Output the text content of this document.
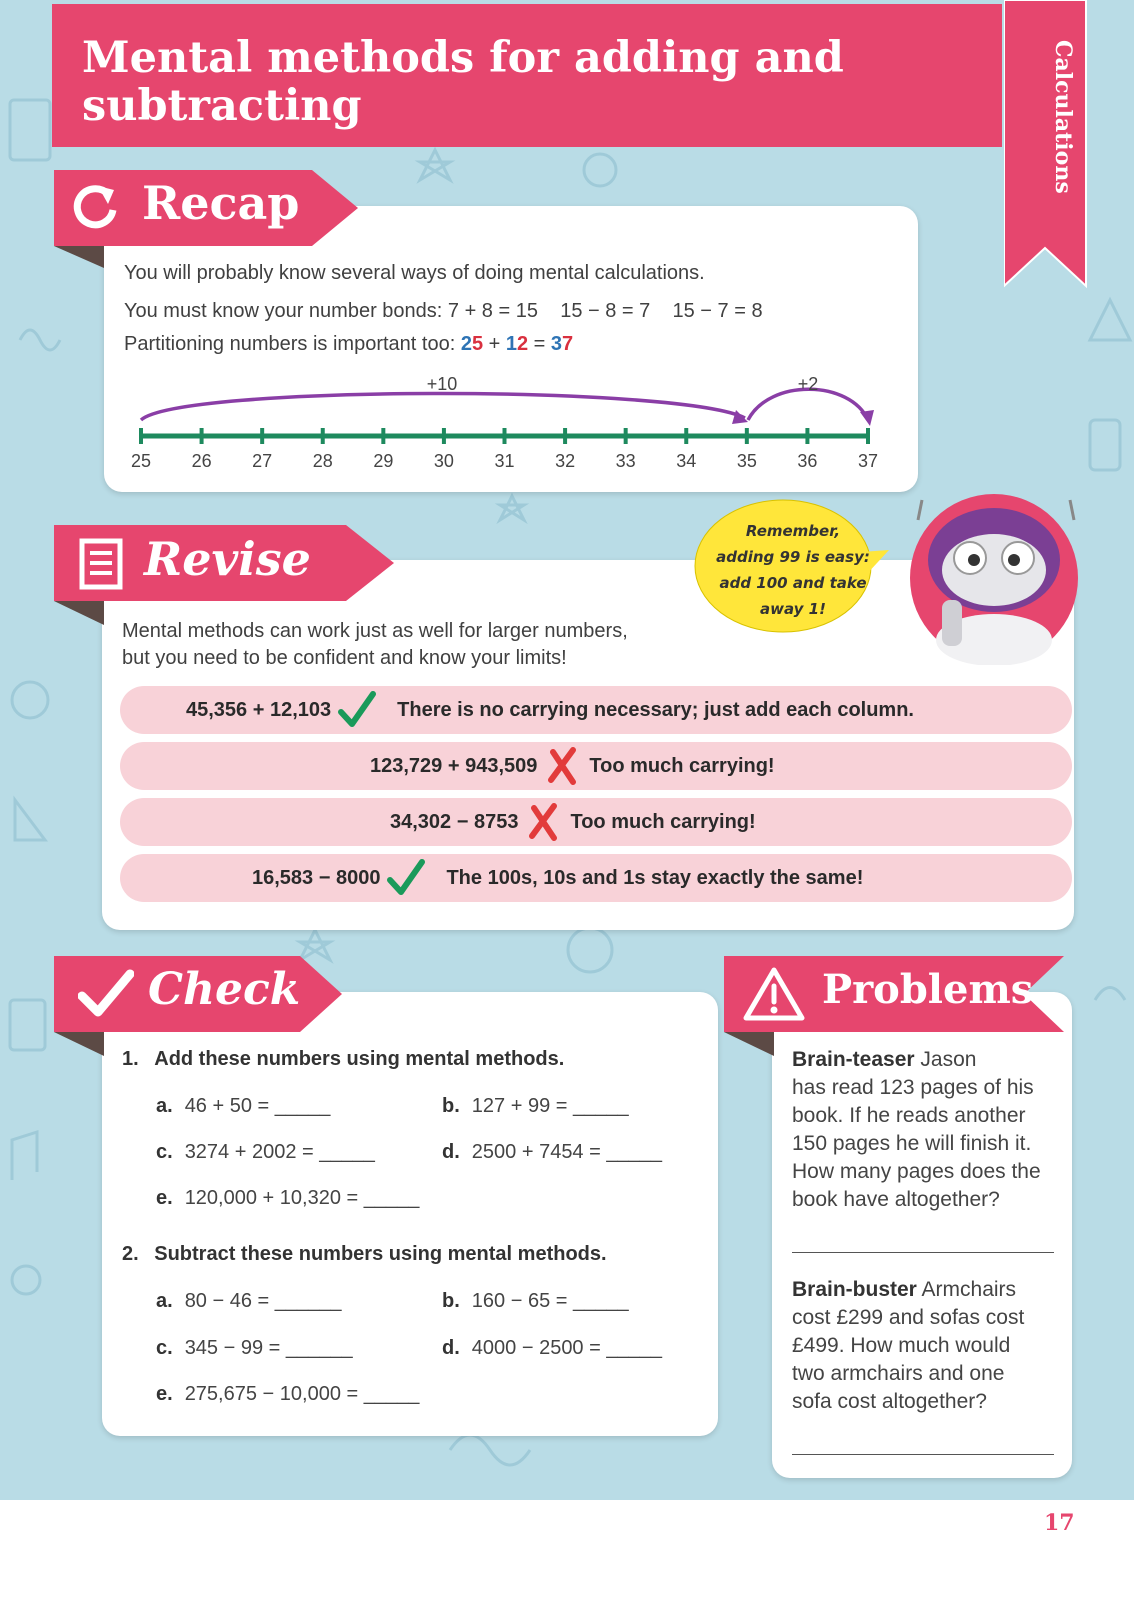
Mental methods for adding and subtracting	Calculations
Recap
You will probably know several ways of doing mental calculations.
You must know your number bonds: 7 + 8 = 15    15 − 8 = 7    15 − 7 = 8
Partitioning numbers is important too: 25 + 12 = 37
+10	+2
25 26 27 28 29 30 31 32 33 34 35 36 37
Revise
Mental methods can work just as well for larger numbers,
but you need to be confident and know your limits!
45,356 + 12,103	There is no carrying necessary; just add each column.
123,729 + 943,509	Too much carrying!
34,302 − 8753	Too much carrying!
16,583 − 8000	The 100s, 10s and 1s stay exactly the same!
Remember,
adding 99 is easy:
add 100 and take
away 1!
Check
1. Add these numbers using mental methods.
a. 46 + 50 = _____	b. 127 + 99 = _____
c. 3274 + 2002 = _____	d. 2500 + 7454 = _____
e. 120,000 + 10,320 = _____
2. Subtract these numbers using mental methods.
a. 80 − 46 = ______	b. 160 − 65 = _____
c. 345 − 99 = ______	d. 4000 − 2500 = _____
e. 275,675 − 10,000 = _____
Problems
Brain-teaser Jason
has read 123 pages of his
book. If he reads another
150 pages he will finish it.
How many pages does the
book have altogether?
Brain-buster Armchairs
cost £299 and sofas cost
£499. How much would
two armchairs and one
sofa cost altogether?
17
